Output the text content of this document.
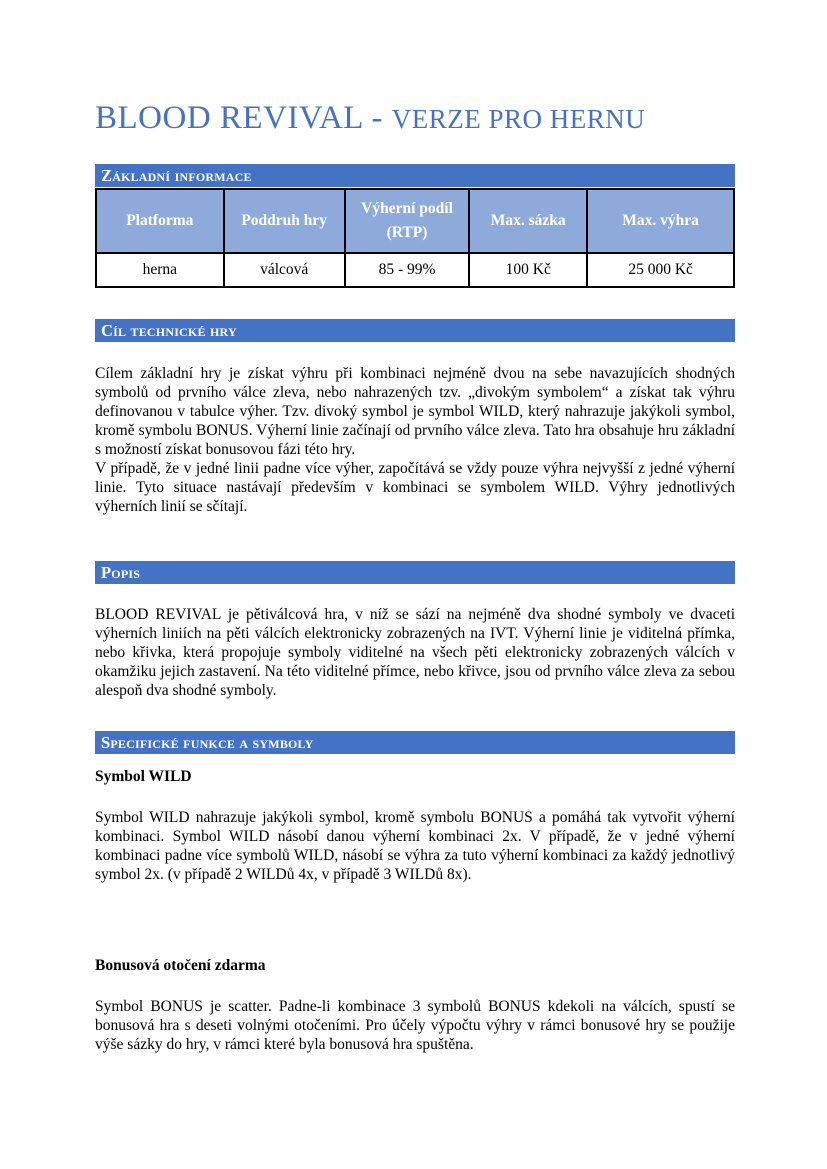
BLOOD REVIVAL - VERZE PRO HERNU
Základní informace
Platforma	Poddruh hry	Výherní podíl (RTP)	Max. sázka	Max. výhra
herna	válcová	85 - 99%	100 Kč	25 000 Kč
Cíl technické hry

Cílem základní hry je získat výhru při kombinaci nejméně dvou na sebe navazujících shodných symbolů od prvního válce zleva, nebo nahrazených tzv. „divokým symbolem“ a získat tak výhru definovanou v tabulce výher. Tzv. divoký symbol je symbol WILD, který nahrazuje jakýkoli symbol, kromě symbolu BONUS. Výherní linie začínají od prvního válce zleva. Tato hra obsahuje hru základní s možností získat bonusovou fázi této hry.

V případě, že v jedné linii padne více výher, započítává se vždy pouze výhra nejvyšší z jedné výherní linie. Tyto situace nastávají především v kombinaci se symbolem WILD. Výhry jednotlivých výherních linií se sčítají.

Popis

BLOOD REVIVAL je pětiválcová hra, v níž se sází na nejméně dva shodné symboly ve dvaceti výherních liniích na pěti válcích elektronicky zobrazených na IVT. Výherní linie je viditelná přímka, nebo křivka, která propojuje symboly viditelné na všech pěti elektronicky zobrazených válcích v okamžiku jejich zastavení. Na této viditelné přímce, nebo křivce, jsou od prvního válce zleva za sebou alespoň dva shodné symboly.

Specifické funkce a symboly
Symbol WILD

Symbol WILD nahrazuje jakýkoli symbol, kromě symbolu BONUS a pomáhá tak vytvořit výherní kombinaci. Symbol WILD násobí danou výherní kombinaci 2x. V případě, že v jedné výherní kombinaci padne více symbolů WILD, násobí se výhra za tuto výherní kombinaci za každý jednotlivý symbol 2x. (v případě 2 WILDů 4x, v případě 3 WILDů 8x).

Bonusová otočení zdarma

Symbol BONUS je scatter. Padne-li kombinace 3 symbolů BONUS kdekoli na válcích, spustí se bonusová hra s deseti volnými otočeními. Pro účely výpočtu výhry v rámci bonusové hry se použije výše sázky do hry, v rámci které byla bonusová hra spuštěna.
